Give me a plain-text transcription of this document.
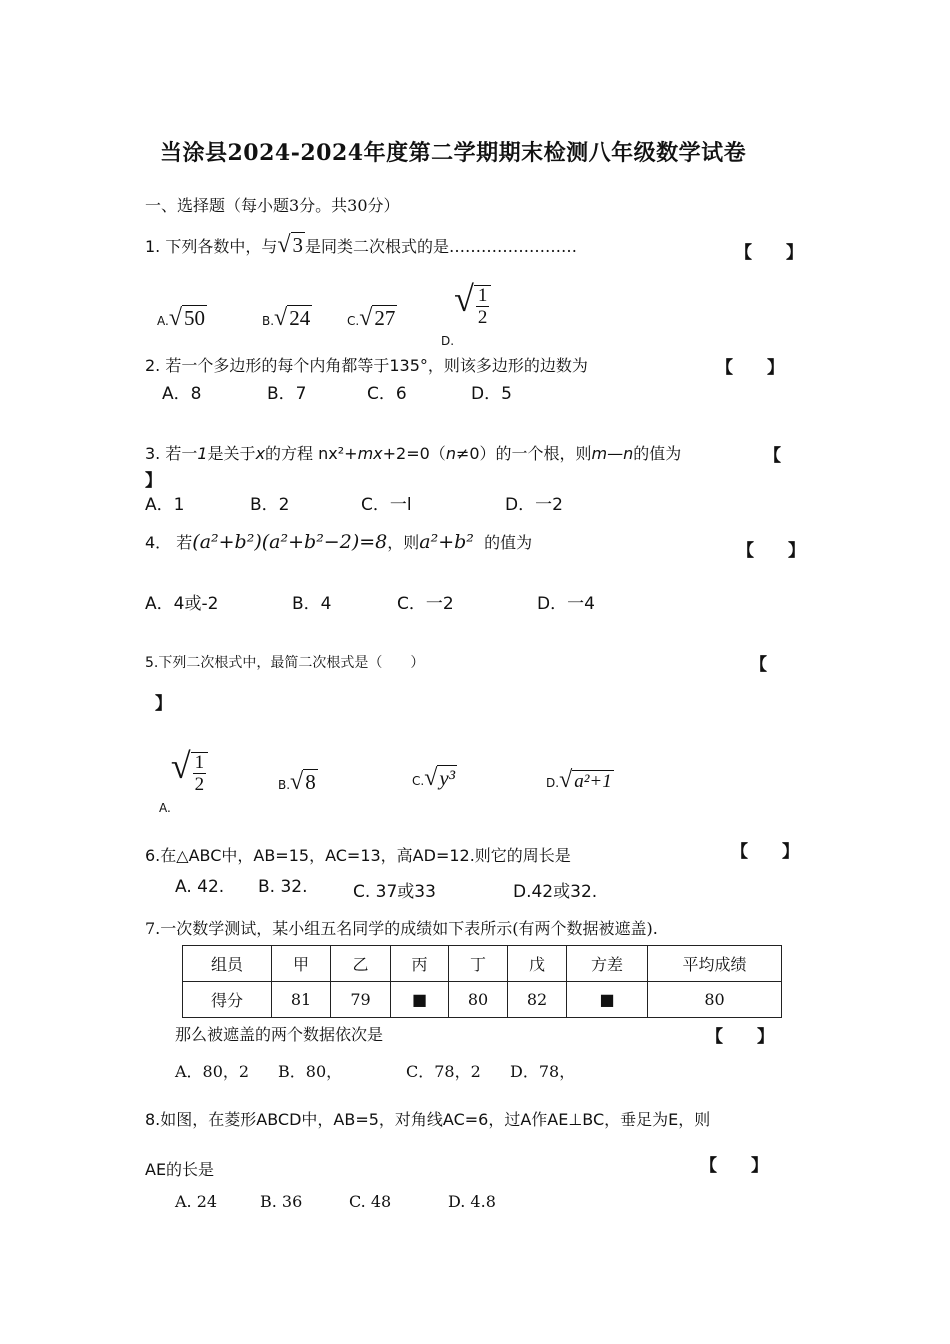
当涂县2024-2024年度第二学期期末检测八年级数学试卷
一、选择题（每小题3分。共30分）
1. 下列各数中，与√3 是同类二次根式的是……………………	【　　】
A.√50	B.√24	C.√27
$_{D.}√ \frac{1}{2}$
2. 若一个多边形的每个内角都等于135°，则该多边形的边数为	【　　】
A．8	B．7	C．6	D．5
3. 若一1是关于x的方程 nx²+mx+2=0（n≠0）的一个根，则m—n的值为	【
】
A．1	B．2	C．一l	D．一2
4． 若(a²+b²)(a²+b²−2)=8，则a²+b² 的值为	【　　】
A．4或-2	B．4	C．一2	D．一4
5.下列二次根式中，最简二次根式是（　　）	【
】
$_{A.}√ \frac{1}{2}$	B.√8	C.√y³	D.√ a²+1
6.在△ABC中，AB=15，AC=13，高AD=12.则它的周长是	【　　】
A. 42. B. 32.	C. 37或33	D.42或32.
7.一次数学测试，某小组五名同学的成绩如下表所示(有两个数据被遮盖).
组员	甲	乙	丙	丁	戊	方差	平均成绩
得分	81	79	■	80	82	■	80
那么被遮盖的两个数据依次是	【　　】
A．80，2 B．80，	C．78，2 D．78，
8.如图，在菱形ABCD中，AB=5，对角线AC=6，过A作AE⊥BC，垂足为E，则
AE的长是	【　　】
A. 24	B. 36	C. 48	D. 4.8
